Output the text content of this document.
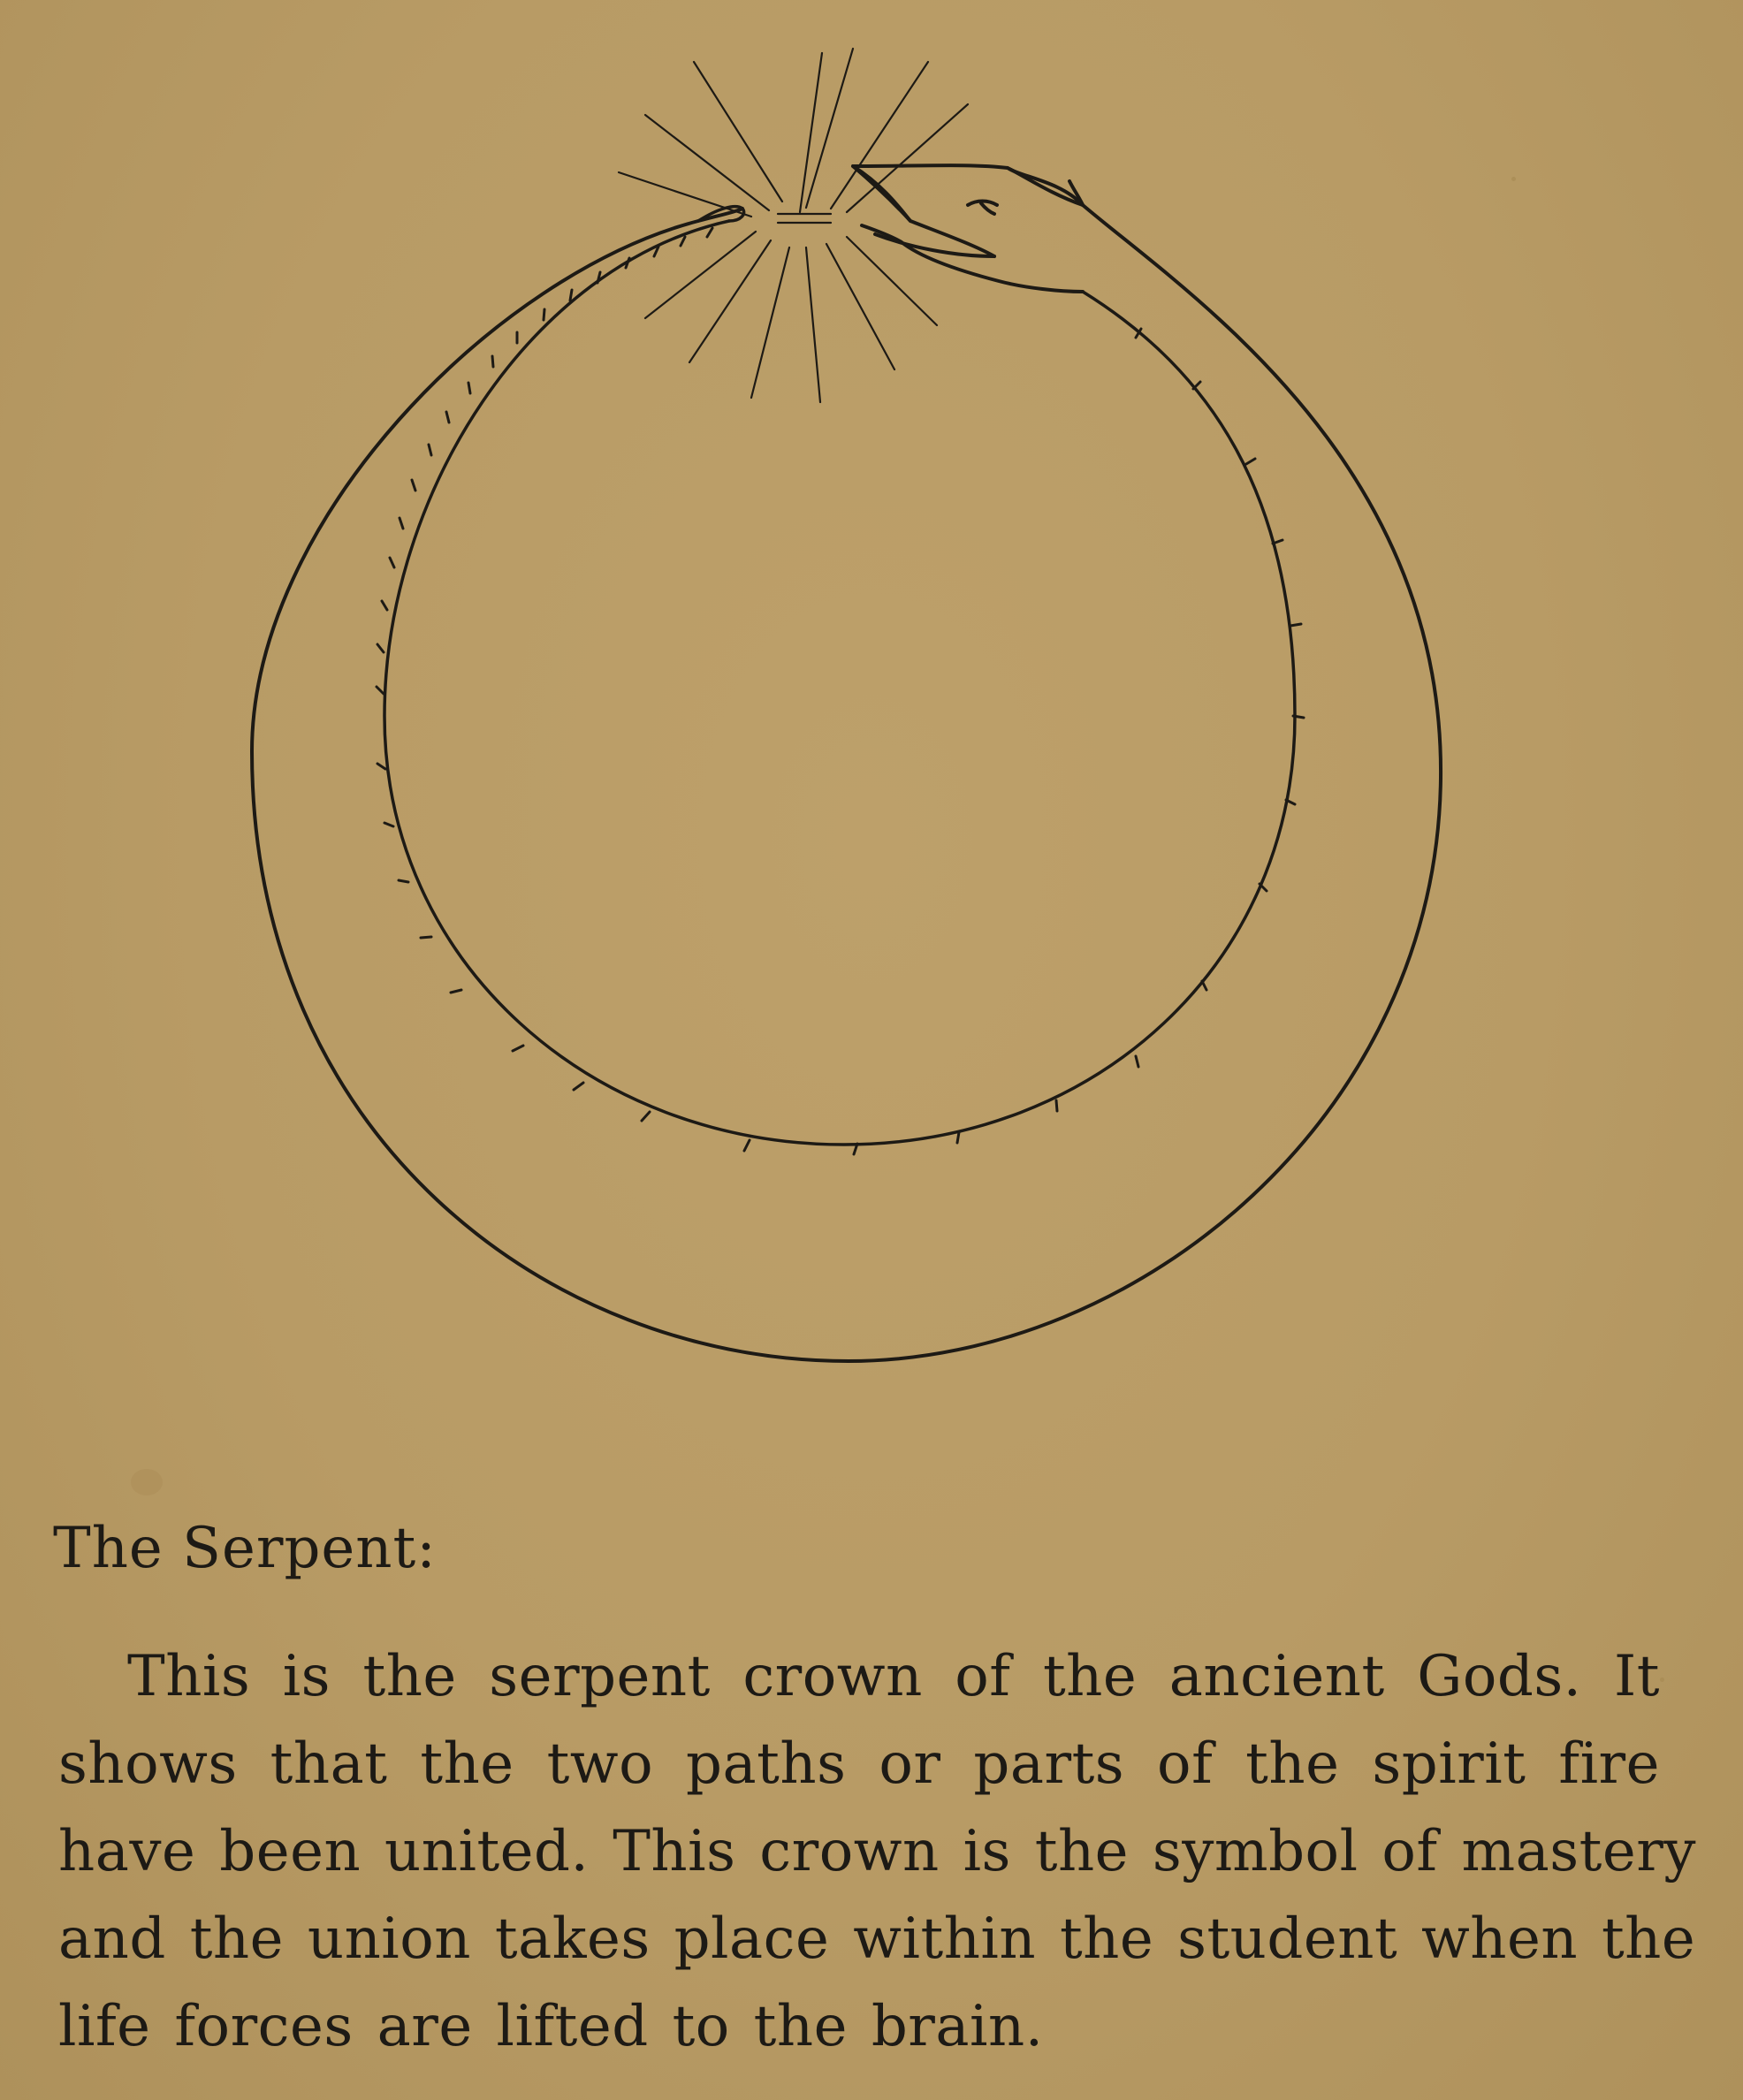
The Serpent:
This is the serpent crown of the ancient Gods. It
shows that the two paths or parts of the spirit fire
have been united. This crown is the symbol of mastery
and the union takes place within the student when the
life forces are lifted to the brain.
